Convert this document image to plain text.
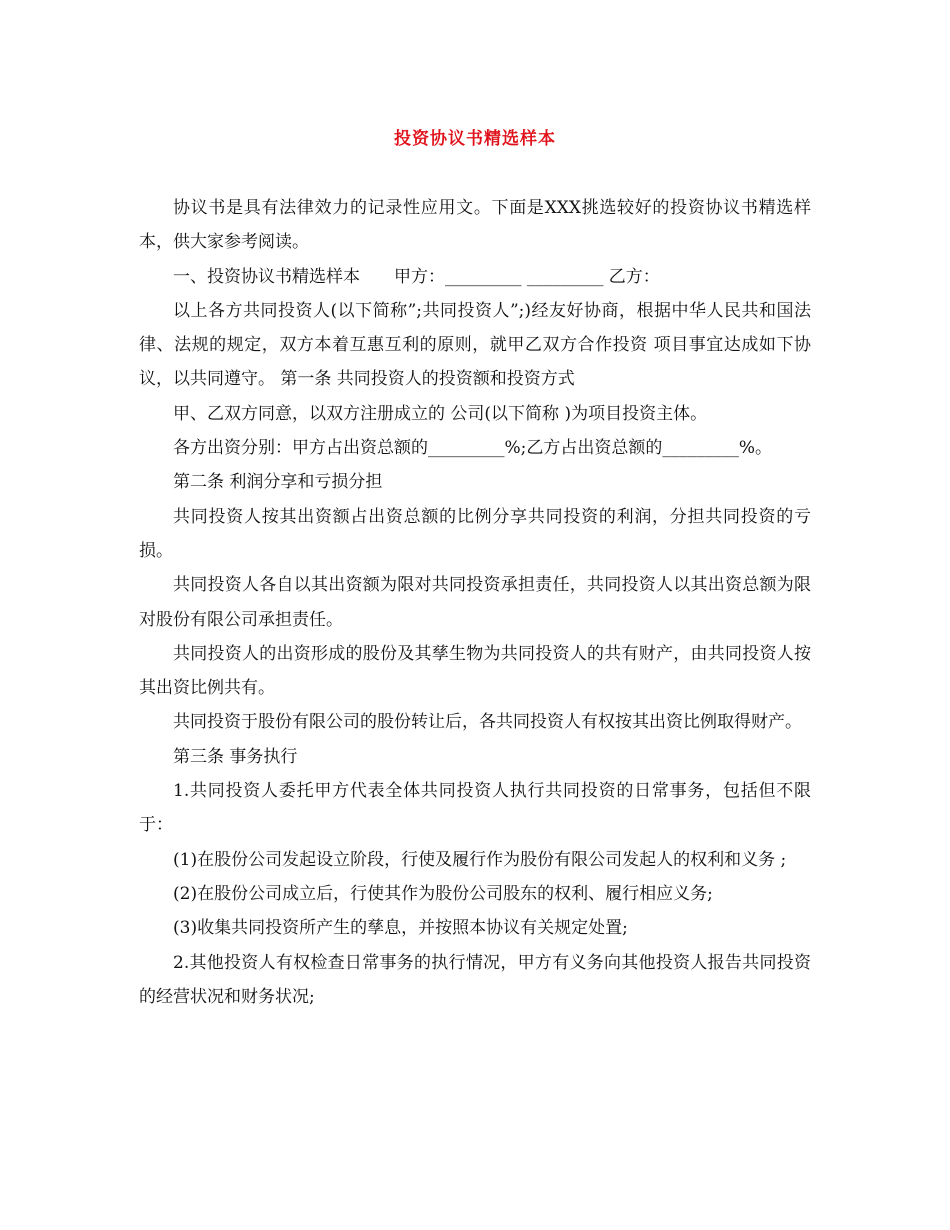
投资协议书精选样本

协议书是具有法律效力的记录性应用文。下面是XXX挑选较好的投资协议书精选样本，供大家参考阅读。

一、投资协议书精选样本　　甲方：_________ _________ 乙方：

以上各方共同投资人(以下简称”;共同投资人”;)经友好协商，根据中华人民共和国法律、法规的规定，双方本着互惠互利的原则，就甲乙双方合作投资 项目事宜达成如下协议，以共同遵守。 第一条 共同投资人的投资额和投资方式

甲、乙双方同意，以双方注册成立的 公司(以下简称 )为项目投资主体。

各方出资分别：甲方占出资总额的_________%;乙方占出资总额的_________%。

第二条 利润分享和亏损分担

共同投资人按其出资额占出资总额的比例分享共同投资的利润，分担共同投资的亏损。

共同投资人各自以其出资额为限对共同投资承担责任，共同投资人以其出资总额为限对股份有限公司承担责任。

共同投资人的出资形成的股份及其孳生物为共同投资人的共有财产，由共同投资人按其出资比例共有。

共同投资于股份有限公司的股份转让后，各共同投资人有权按其出资比例取得财产。

第三条 事务执行

1.共同投资人委托甲方代表全体共同投资人执行共同投资的日常事务，包括但不限于：

(1)在股份公司发起设立阶段，行使及履行作为股份有限公司发起人的权利和义务 ;

(2)在股份公司成立后，行使其作为股份公司股东的权利、履行相应义务;

(3)收集共同投资所产生的孳息，并按照本协议有关规定处置;

2.其他投资人有权检查日常事务的执行情况，甲方有义务向其他投资人报告共同投资的经营状况和财务状况;
